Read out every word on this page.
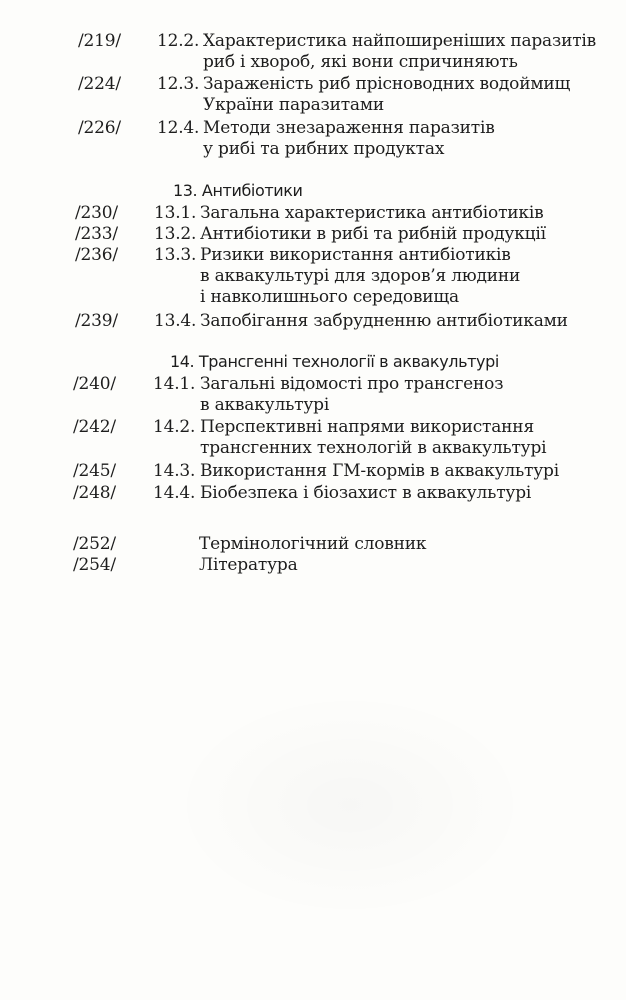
/219/ 12.2. Характеристика найпоширеніших паразитів
риб і хвороб, які вони спричиняють
/224/ 12.3. Зараженість риб прісноводних водоймищ
України паразитами
/226/ 12.4. Методи знезараження паразитів
у рибі та рибних продуктах
13. Антибіотики
/230/ 13.1. Загальна характеристика антибіотиків
/233/ 13.2. Антибіотики в рибі та рибній продукції
/236/ 13.3. Ризики використання антибіотиків
в аквакультурі для здоров’я людини
і навколишнього середовища
/239/ 13.4. Запобігання забрудненню антибіотиками
14. Трансгенні технології в аквакультурі
/240/ 14.1. Загальні відомості про трансгеноз
в аквакультурі
/242/ 14.2. Перспективні напрями використання
трансгенних технологій в аквакультурі
/245/ 14.3. Використання ГМ-кормів в аквакультурі
/248/ 14.4. Біобезпека і біозахист в аквакультурі
/252/	Термінологічний словник
/254/	Література
